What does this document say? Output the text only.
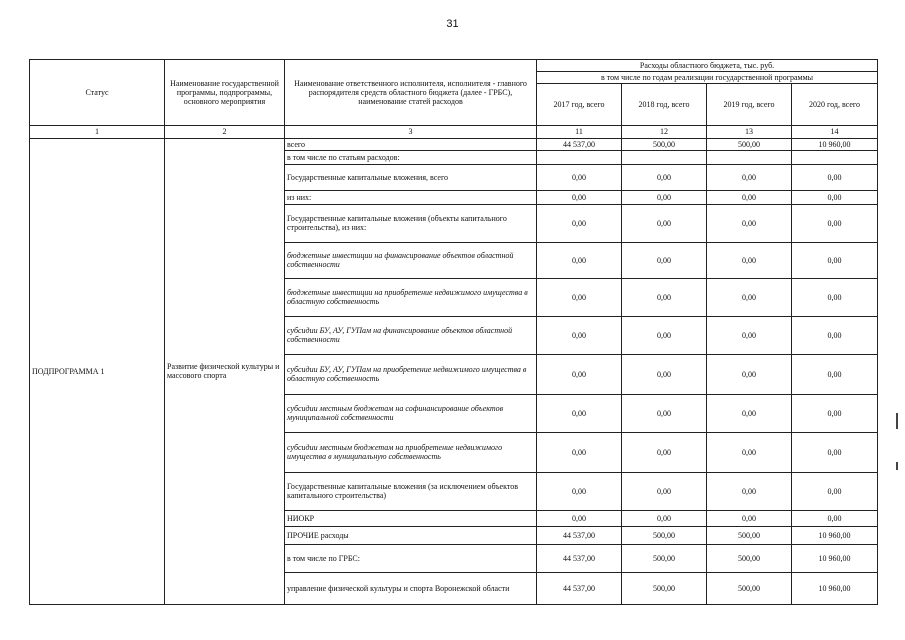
31
Статус	Наименование государственной программы, подпрограммы, основного мероприятия	Наименование ответственного исполнителя, исполнителя - главного распорядителя средств областного бюджета (далее - ГРБС), наименование статей расходов	Расходы областного бюджета, тыс. руб.			
			в том числе по годам реализации государственной программы			
			2017 год, всего	2018 год, всего	2019 год, всего	2020 год, всего
1	2	3	11	12	13	14
ПОДПРОГРАММА 1	Развитие физической культуры и массового спорта	всего	44 537,00	500,00	500,00	10 960,00
		в том числе по статьям расходов:				
		Государственные капитальные вложения, всего	0,00	0,00	0,00	0,00
		из них:	0,00	0,00	0,00	0,00
		Государственные капитальные вложения (объекты капитального строительства), из них:	0,00	0,00	0,00	0,00
		бюджетные инвестиции на финансирование объектов областной собственности	0,00	0,00	0,00	0,00
		бюджетные инвестиции на приобретение недвижимого имущества в областную собственность	0,00	0,00	0,00	0,00
		субсидии БУ, АУ, ГУПам на финансирование объектов областной собственности	0,00	0,00	0,00	0,00
		субсидии БУ, АУ, ГУПам на приобретение недвижимого имущества в областную собственность	0,00	0,00	0,00	0,00
		субсидии местным бюджетам на софинансирование объектов муниципальной собственности	0,00	0,00	0,00	0,00
		субсидии местным бюджетам на приобретение недвижимого имущества в муниципальную собственность	0,00	0,00	0,00	0,00
		Государственные капитальные вложения (за исключением объектов капитального строительства)	0,00	0,00	0,00	0,00
		НИОКР	0,00	0,00	0,00	0,00
		ПРОЧИЕ расходы	44 537,00	500,00	500,00	10 960,00
		в том числе по ГРБС:	44 537,00	500,00	500,00	10 960,00
		управление физической культуры и спорта Воронежской области	44 537,00	500,00	500,00	10 960,00
